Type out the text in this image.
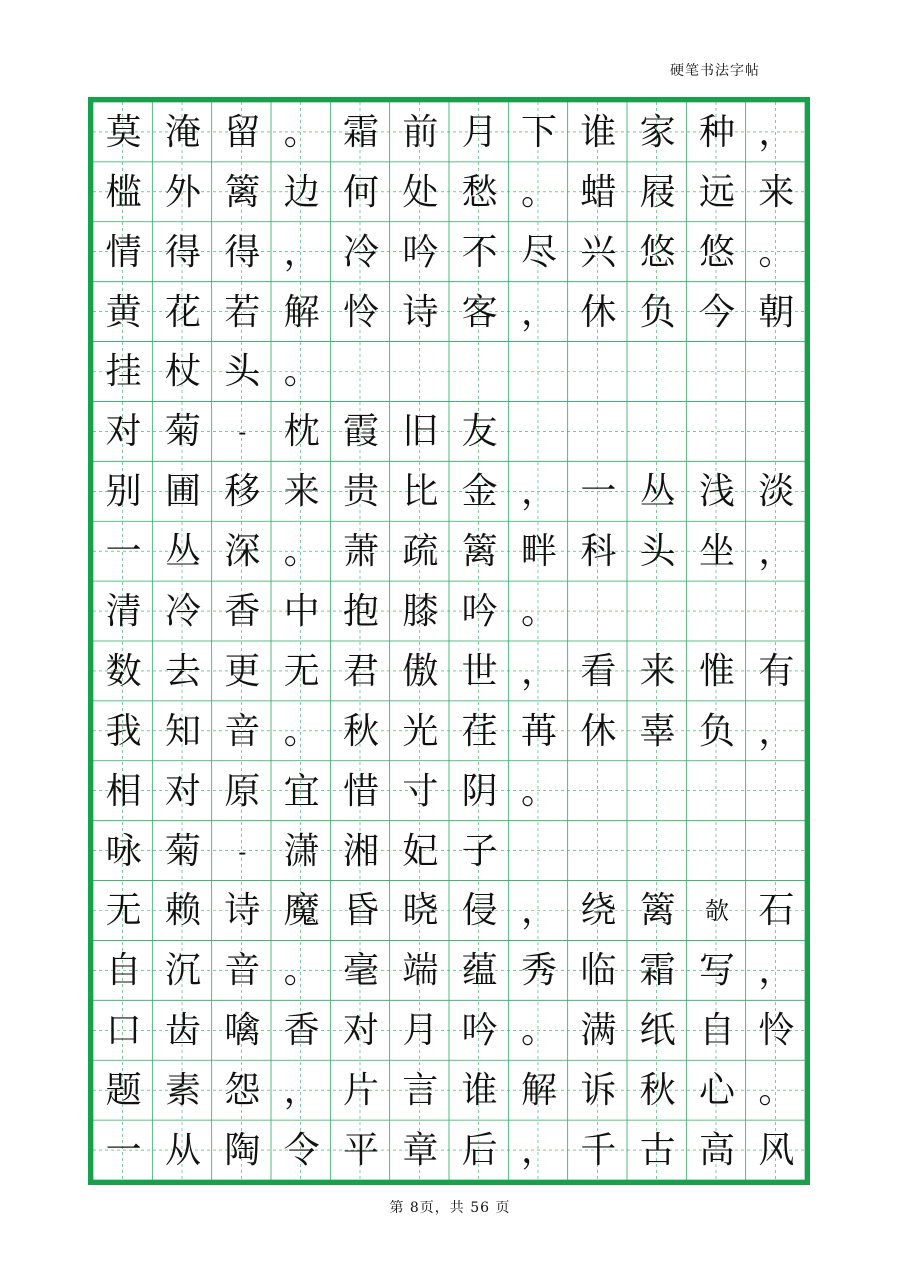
硬笔书法字帖
莫 淹 留 。 霜 前 月 下 谁 家 种 ，
槛 外 篱 边 何 处 愁 。 蜡 屐 远 来
情 得 得 ， 冷 吟 不 尽 兴 悠 悠 。
黄 花 若 解 怜 诗 客 ， 休 负 今 朝
挂 杖 头 。
对 菊	-	枕 霞 旧 友
别 圃 移 来 贵 比 金 ， 一 丛 浅 淡
一 丛 深 。 萧 疏 篱 畔 科 头 坐 ，
清 冷 香 中 抱 膝 吟 。
数 去 更 无 君 傲 世 ， 看 来 惟 有
我 知 音 。 秋 光 荏 苒 休 辜 负 ，
相 对 原 宜 惜 寸 阴 。
咏 菊	-	潇 湘 妃 子
无 赖 诗 魔 昏 晓 侵 ， 绕 篱	欹 石
自 沉 音 。 毫 端 蕴 秀 临 霜 写 ，
口 齿 噙 香 对 月 吟 。 满 纸 自 怜
题 素 怨 ， 片 言 谁 解 诉 秋 心 。
一 从 陶 令 平 章 后 ， 千 古 高 风
第 8页，共 56 页
